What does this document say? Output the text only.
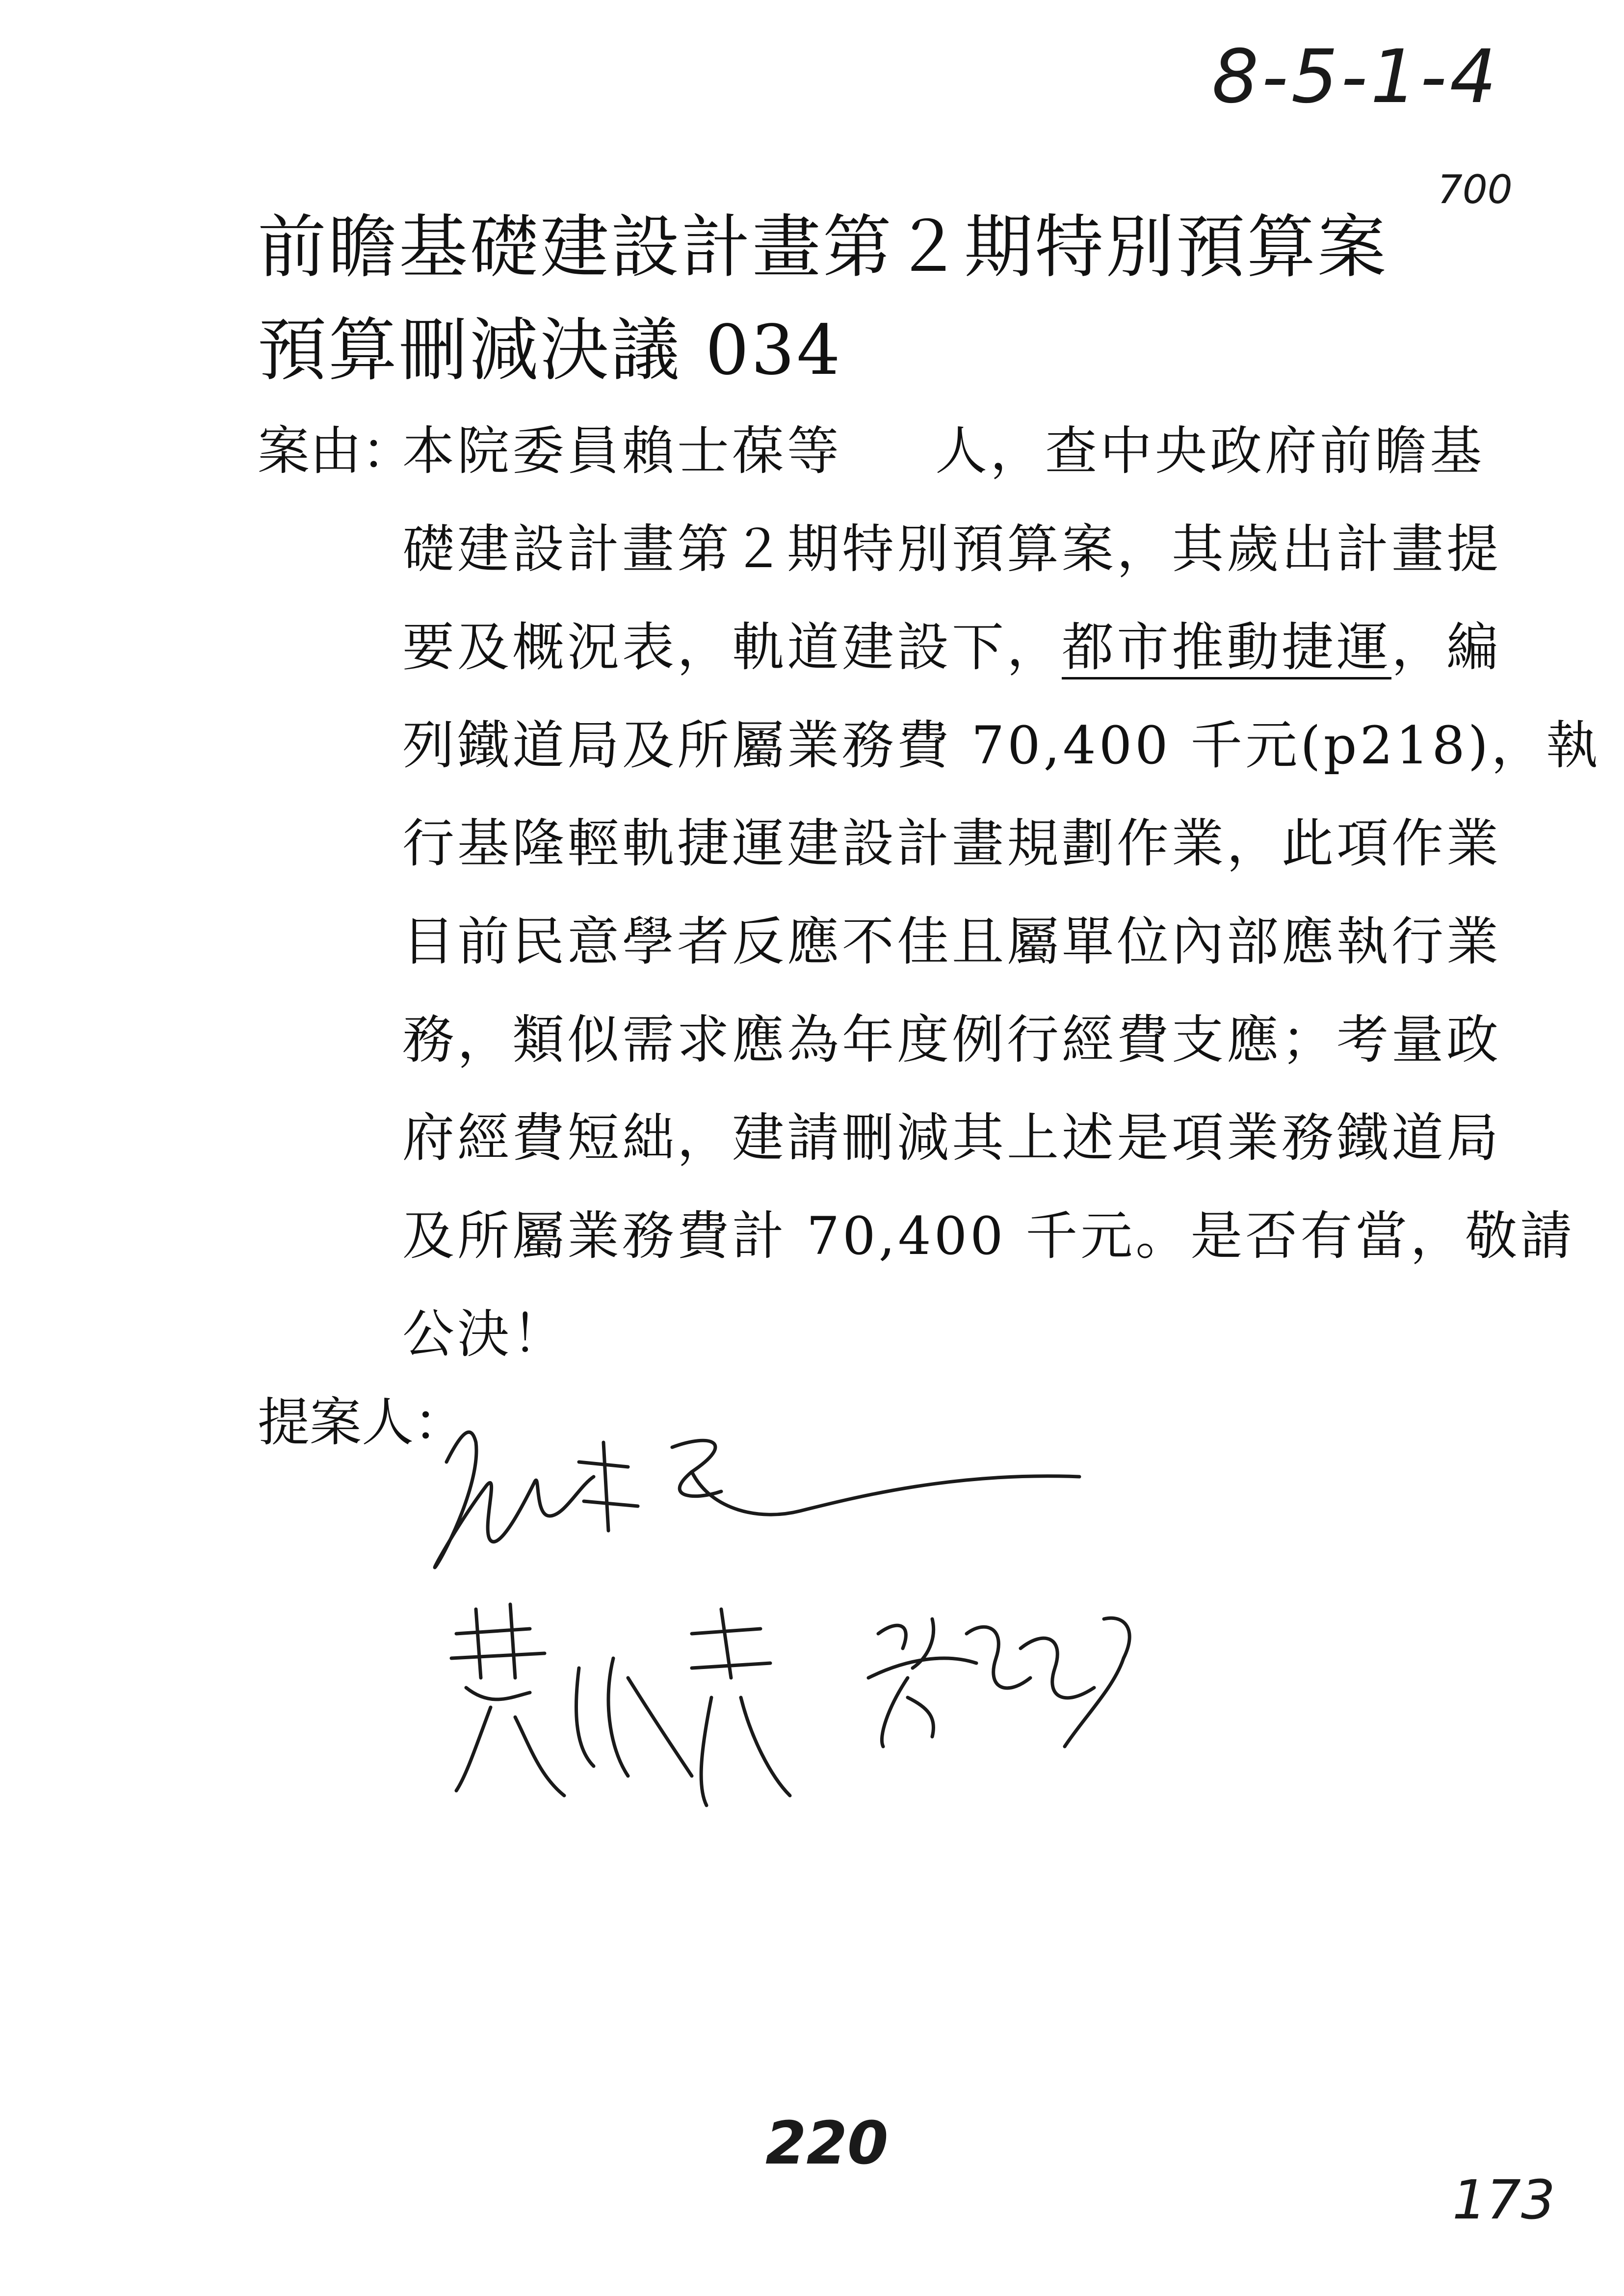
8-5-1-4
700
前瞻基礎建設計畫第２期特別預算案
預算刪減決議 034
案由：
本院委員賴士葆等 人，查中央政府前瞻基
礎建設計畫第２期特別預算案，其歲出計畫提
要及概況表，軌道建設下，都市推動捷運，編
列鐵道局及所屬業務費 70,400 千元(p218)，執
行基隆輕軌捷運建設計畫規劃作業，此項作業
目前民意學者反應不佳且屬單位內部應執行業
務，類似需求應為年度例行經費支應；考量政
府經費短絀，建請刪減其上述是項業務鐵道局
及所屬業務費計 70,400 千元。是否有當，敬請
公決！
提案人：
220
173
